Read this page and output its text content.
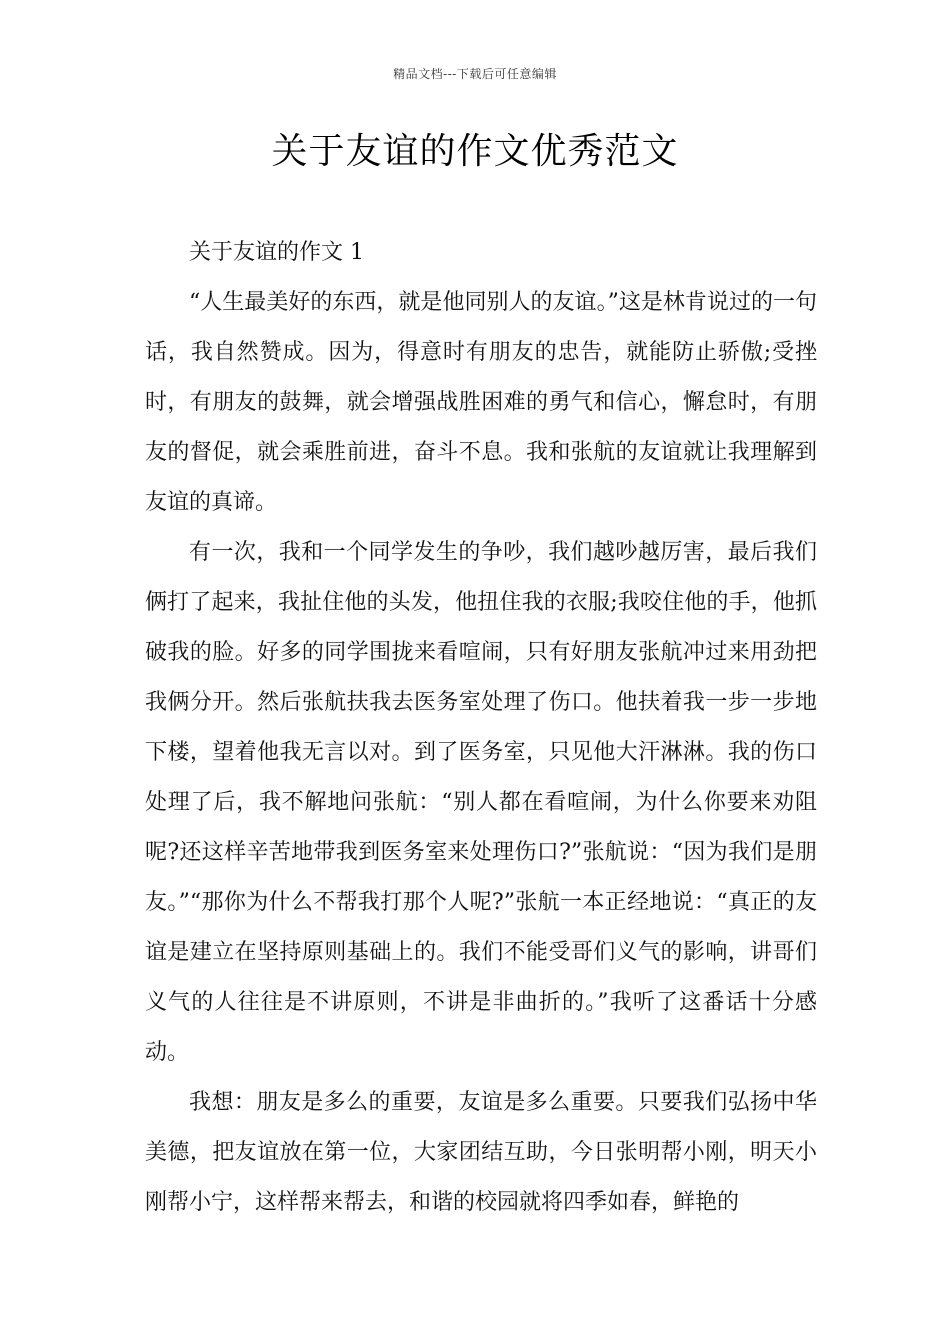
精品文档---下载后可任意编辑
关于友谊的作文优秀范文
关于友谊的作文 1

“人生最美好的东西，就是他同别人的友谊。”这是林肯说过的一句话，我自然赞成。因为，得意时有朋友的忠告，就能防止骄傲;受挫时，有朋友的鼓舞，就会增强战胜困难的勇气和信心，懈怠时，有朋友的督促，就会乘胜前进，奋斗不息。我和张航的友谊就让我理解到友谊的真谛。

有一次，我和一个同学发生的争吵，我们越吵越厉害，最后我们俩打了起来，我扯住他的头发，他扭住我的衣服;我咬住他的手，他抓破我的脸。好多的同学围拢来看喧闹，只有好朋友张航冲过来用劲把我俩分开。然后张航扶我去医务室处理了伤口。他扶着我一步一步地下楼，望着他我无言以对。到了医务室，只见他大汗淋淋。我的伤口处理了后，我不解地问张航：“别人都在看喧闹，为什么你要来劝阻呢?还这样辛苦地带我到医务室来处理伤口?”张航说：“因为我们是朋友。”“那你为什么不帮我打那个人呢?”张航一本正经地说：“真正的友谊是建立在坚持原则基础上的。我们不能受哥们义气的影响，讲哥们义气的人往往是不讲原则，不讲是非曲折的。”我听了这番话十分感动。

我想：朋友是多么的重要，友谊是多么重要。只要我们弘扬中华美德，把友谊放在第一位，大家团结互助，今日张明帮小刚，明天小刚帮小宁，这样帮来帮去，和谐的校园就将四季如春，鲜艳的
